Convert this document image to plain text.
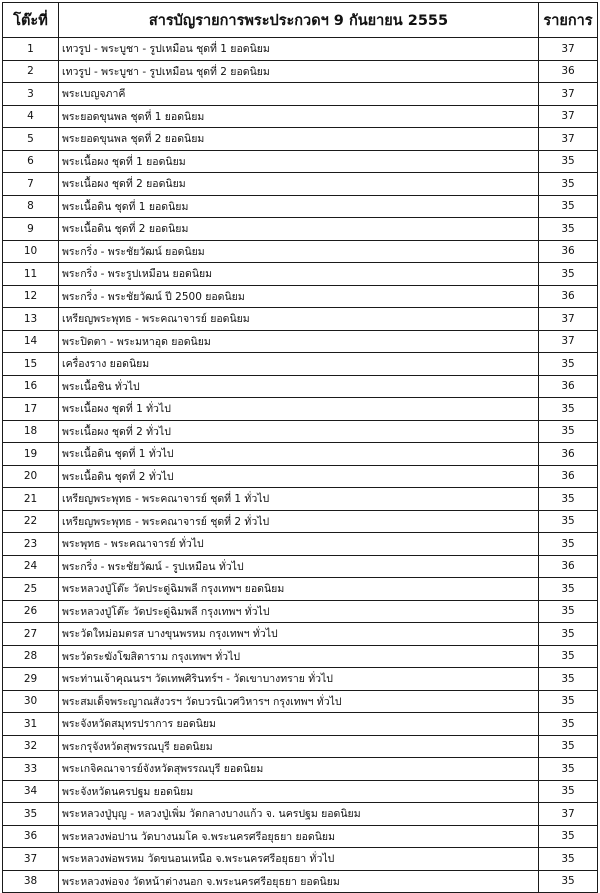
โต๊ะที่	สารบัญรายการพระประกวดฯ 9 กันยายน 2555	รายการ
1	เทวรูป - พระบูชา - รูปเหมือน ชุดที่ 1 ยอดนิยม	37
2	เทวรูป - พระบูชา - รูปเหมือน ชุดที่ 2 ยอดนิยม	36
3	พระเบญจภาคี	37
4	พระยอดขุนพล ชุดที่ 1 ยอดนิยม	37
5	พระยอดขุนพล ชุดที่ 2 ยอดนิยม	37
6	พระเนื้อผง ชุดที่ 1 ยอดนิยม	35
7	พระเนื้อผง ชุดที่ 2 ยอดนิยม	35
8	พระเนื้อดิน ชุดที่ 1 ยอดนิยม	35
9	พระเนื้อดิน ชุดที่ 2 ยอดนิยม	35
10	พระกริ่ง - พระชัยวัฒน์ ยอดนิยม	36
11	พระกริ่ง - พระรูปเหมือน ยอดนิยม	35
12	พระกริ่ง - พระชัยวัฒน์ ปี 2500 ยอดนิยม	36
13	เหรียญพระพุทธ - พระคณาจารย์ ยอดนิยม	37
14	พระปิดตา - พระมหาอุด ยอดนิยม	37
15	เครื่องราง ยอดนิยม	35
16	พระเนื้อชิน ทั่วไป	36
17	พระเนื้อผง ชุดที่ 1 ทั่วไป	35
18	พระเนื้อผง ชุดที่ 2 ทั่วไป	35
19	พระเนื้อดิน ชุดที่ 1 ทั่วไป	36
20	พระเนื้อดิน ชุดที่ 2 ทั่วไป	36
21	เหรียญพระพุทธ - พระคณาจารย์ ชุดที่ 1 ทั่วไป	35
22	เหรียญพระพุทธ - พระคณาจารย์ ชุดที่ 2 ทั่วไป	35
23	พระพุทธ - พระคณาจารย์ ทั่วไป	35
24	พระกริ่ง - พระชัยวัฒน์ - รูปเหมือน ทั่วไป	36
25	พระหลวงปู่โต๊ะ วัดประดู่ฉิมพลี กรุงเทพฯ ยอดนิยม	35
26	พระหลวงปู่โต๊ะ วัดประดู่ฉิมพลี กรุงเทพฯ ทั่วไป	35
27	พระวัดใหม่อมตรส บางขุนพรหม กรุงเทพฯ ทั่วไป	35
28	พระวัดระฆังโฆสิตาราม กรุงเทพฯ ทั่วไป	35
29	พระท่านเจ้าคุณนรฯ วัดเทพศิรินทร์ฯ - วัดเขาบางทราย ทั่วไป	35
30	พระสมเด็จพระญาณสังวรฯ วัดบวรนิเวศวิหารฯ กรุงเทพฯ ทั่วไป	35
31	พระจังหวัดสมุทรปราการ ยอดนิยม	35
32	พระกรุจังหวัดสุพรรณบุรี ยอดนิยม	35
33	พระเกจิคณาจารย์จังหวัดสุพรรณบุรี ยอดนิยม	35
34	พระจังหวัดนครปฐม ยอดนิยม	35
35	พระหลวงปู่บุญ - หลวงปู่เพิ่ม วัดกลางบางแก้ว จ. นครปฐม ยอดนิยม	37
36	พระหลวงพ่อปาน วัดบางนมโค จ.พระนครศรีอยุธยา ยอดนิยม	35
37	พระหลวงพ่อพรหม วัดขนอนเหนือ จ.พระนครศรีอยุธยา ทั่วไป	35
38	พระหลวงพ่อจง วัดหน้าต่างนอก จ.พระนครศรีอยุธยา ยอดนิยม	35
